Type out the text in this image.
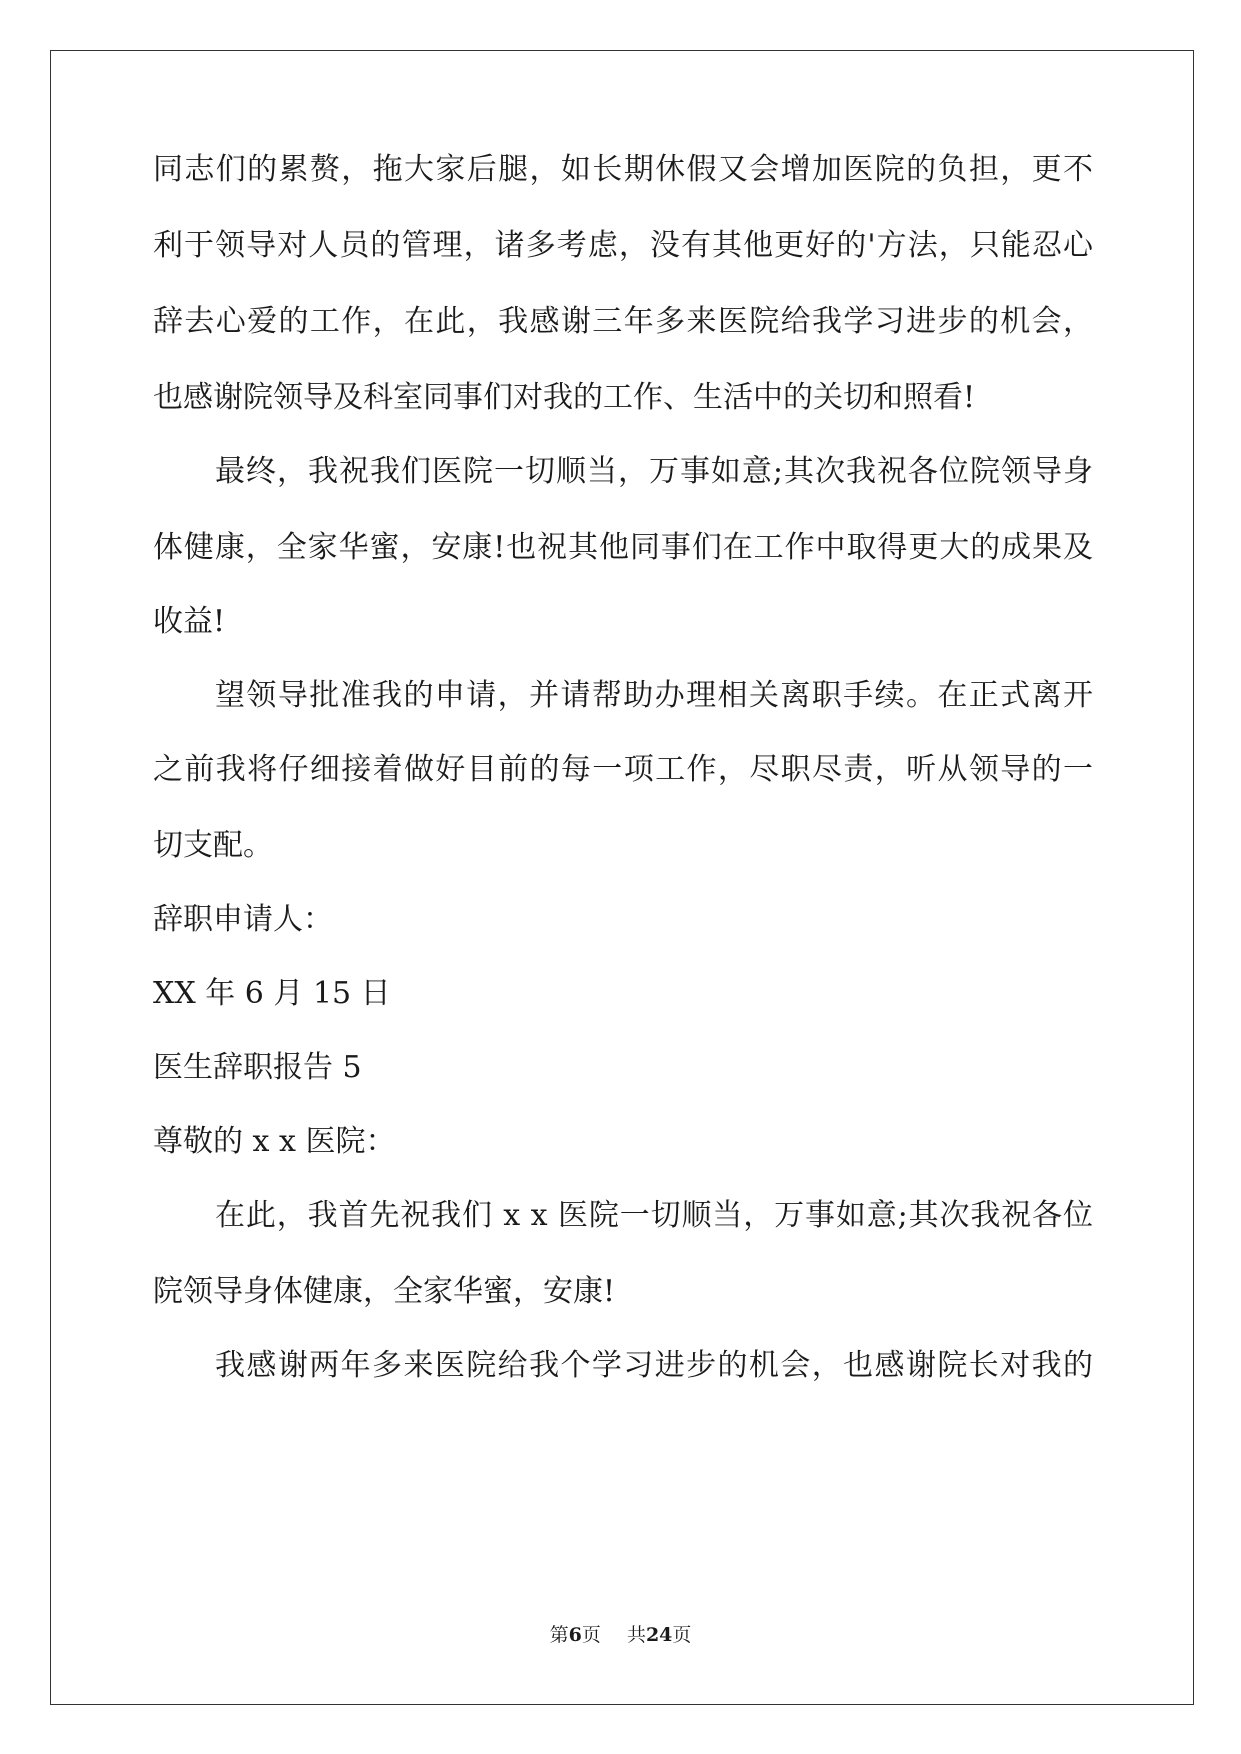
同志们的累赘，拖大家后腿，如长期休假又会增加医院的负担，更不
利于领导对人员的管理，诸多考虑，没有其他更好的'方法，只能忍心
辞去心爱的工作，在此，我感谢三年多来医院给我学习进步的机会，
也感谢院领导及科室同事们对我的工作、生活中的关切和照看!
最终，我祝我们医院一切顺当，万事如意;其次我祝各位院领导身
体健康，全家华蜜，安康!也祝其他同事们在工作中取得更大的成果及
收益!
望领导批准我的申请，并请帮助办理相关离职手续。在正式离开
之前我将仔细接着做好目前的每一项工作，尽职尽责，听从领导的一
切支配。
辞职申请人：
XX 年 6 月 15 日
医生辞职报告 5
尊敬的 x x 医院：
在此，我首先祝我们 x x 医院一切顺当，万事如意;其次我祝各位
院领导身体健康，全家华蜜，安康!
我感谢两年多来医院给我个学习进步的机会，也感谢院长对我的
第6页 共24页
